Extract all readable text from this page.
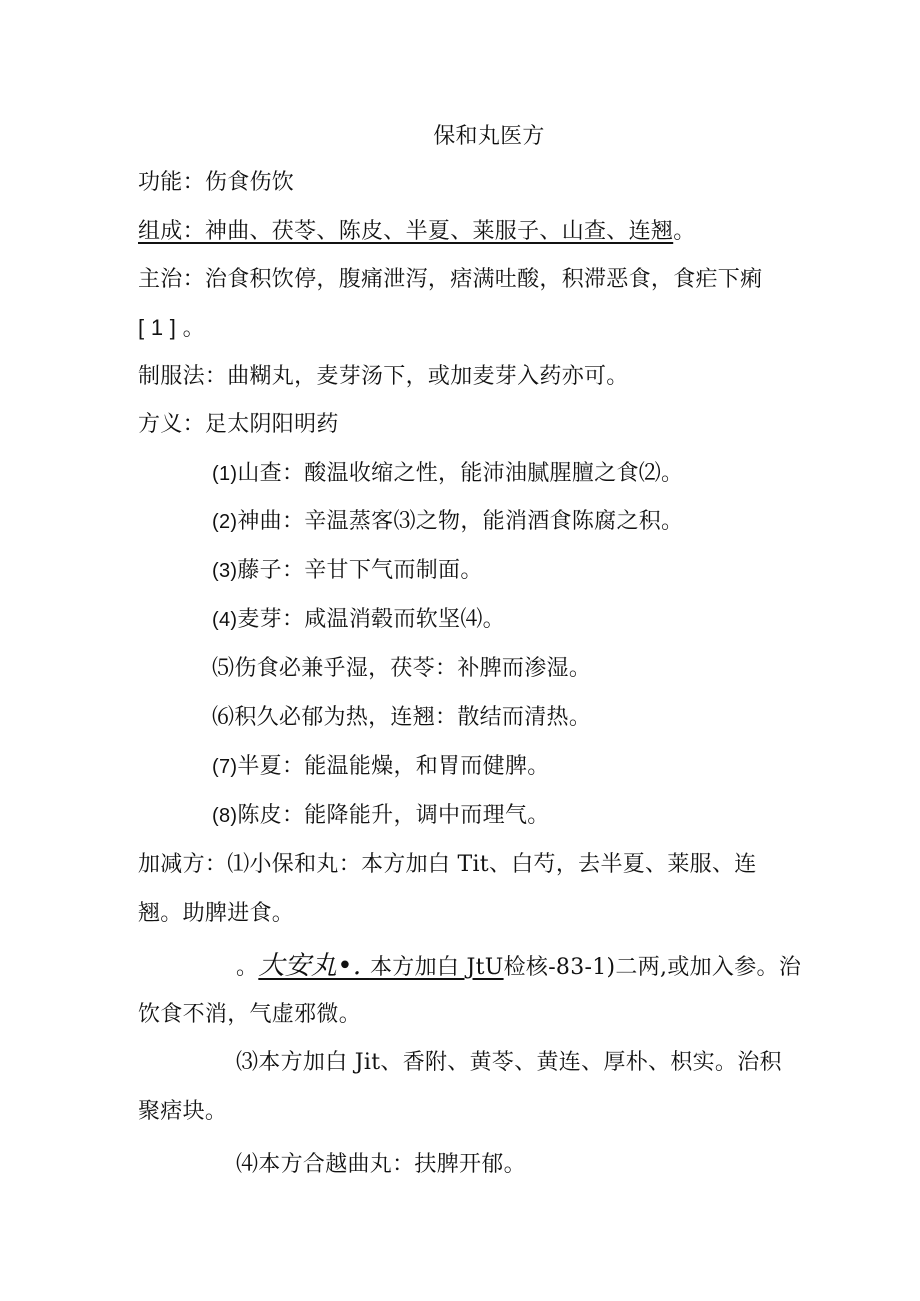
保和丸医方
功能：伤食伤饮
组成：神曲、茯苓、陈皮、半夏、莱服子、山查、连翘。
主治：治食积饮停，腹痛泄泻，痞满吐酸，积滞恶食，食疟下痢
[ 1 ] 。
制服法：曲糊丸，麦芽汤下，或加麦芽入药亦可。
方义：足太阴阳明药
(1)山查：酸温收缩之性，能沛油腻腥膻之食⑵。
(2)神曲：辛温蒸客⑶之物，能消酒食陈腐之积。
(3)藤子：辛甘下气而制面。
(4)麦芽：咸温消毂而软坚⑷。
⑸伤食必兼乎湿，茯苓：补脾而渗湿。
⑹积久必郁为热，连翘：散结而清热。
(7)半夏：能温能燥，和胃而健脾。
(8)陈皮：能降能升，调中而理气。
加减方：⑴小保和丸：本方加白 Tit、白芍，去半夏、莱服、连
翘。助脾进食。
。大安丸•. 本方加白 JtU检核-83-1)二两,或加入参。治
饮食不消，气虚邪微。
⑶本方加白 Jit、香附、黄苓、黄连、厚朴、枳实。治积
聚痞块。
⑷本方合越曲丸：扶脾开郁。
